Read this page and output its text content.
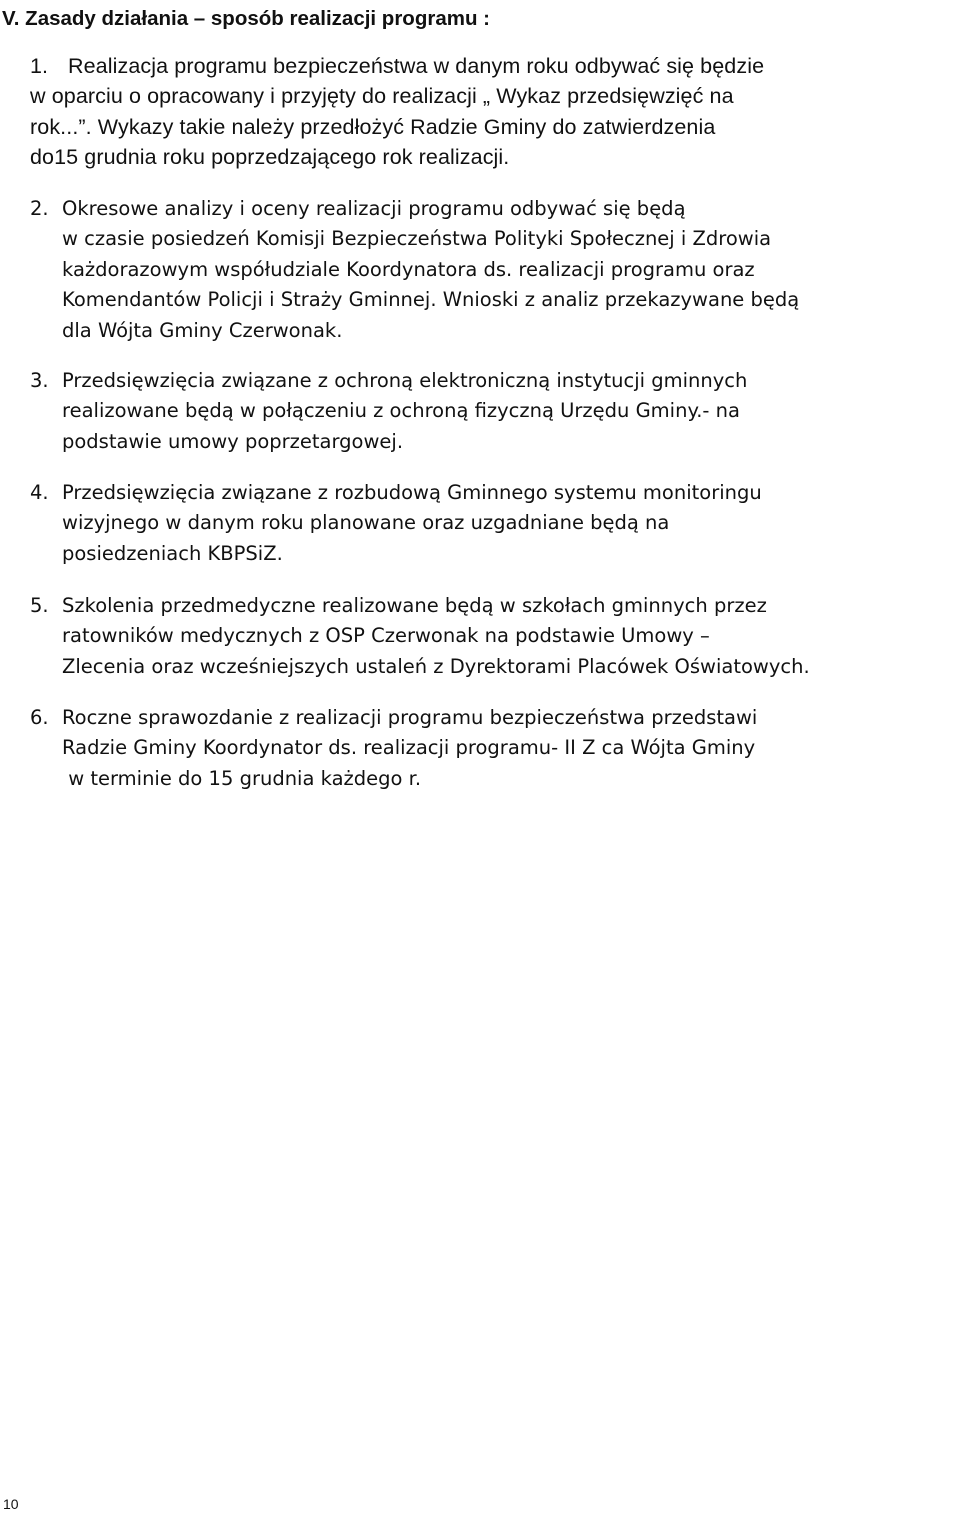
V. Zasady działania – sposób realizacji programu :
1. Realizacja programu bezpieczeństwa w danym roku odbywać się będzie
w oparciu o opracowany i przyjęty do realizacji „ Wykaz przedsięwzięć na
rok...”. Wykazy takie należy przedłożyć Radzie Gminy do zatwierdzenia
do15 grudnia roku poprzedzającego rok realizacji.
2. Okresowe analizy i oceny realizacji programu odbywać się będą
w czasie posiedzeń Komisji Bezpieczeństwa Polityki Społecznej i Zdrowia
każdorazowym współudziale Koordynatora ds. realizacji programu oraz
Komendantów Policji i Straży Gminnej. Wnioski z analiz przekazywane będą
dla Wójta Gminy Czerwonak.
3. Przedsięwzięcia związane z ochroną elektroniczną instytucji gminnych
realizowane będą w połączeniu z ochroną fizyczną Urzędu Gminy.- na
podstawie umowy poprzetargowej.
4. Przedsięwzięcia związane z rozbudową Gminnego systemu monitoringu
wizyjnego w danym roku planowane oraz uzgadniane będą na
posiedzeniach KBPSiZ.
5. Szkolenia przedmedyczne realizowane będą w szkołach gminnych przez
ratowników medycznych z OSP Czerwonak na podstawie Umowy –
Zlecenia oraz wcześniejszych ustaleń z Dyrektorami Placówek Oświatowych.
6. Roczne sprawozdanie z realizacji programu bezpieczeństwa przedstawi
Radzie Gminy Koordynator ds. realizacji programu- II Z ca Wójta Gminy
w terminie do 15 grudnia każdego r.
10
